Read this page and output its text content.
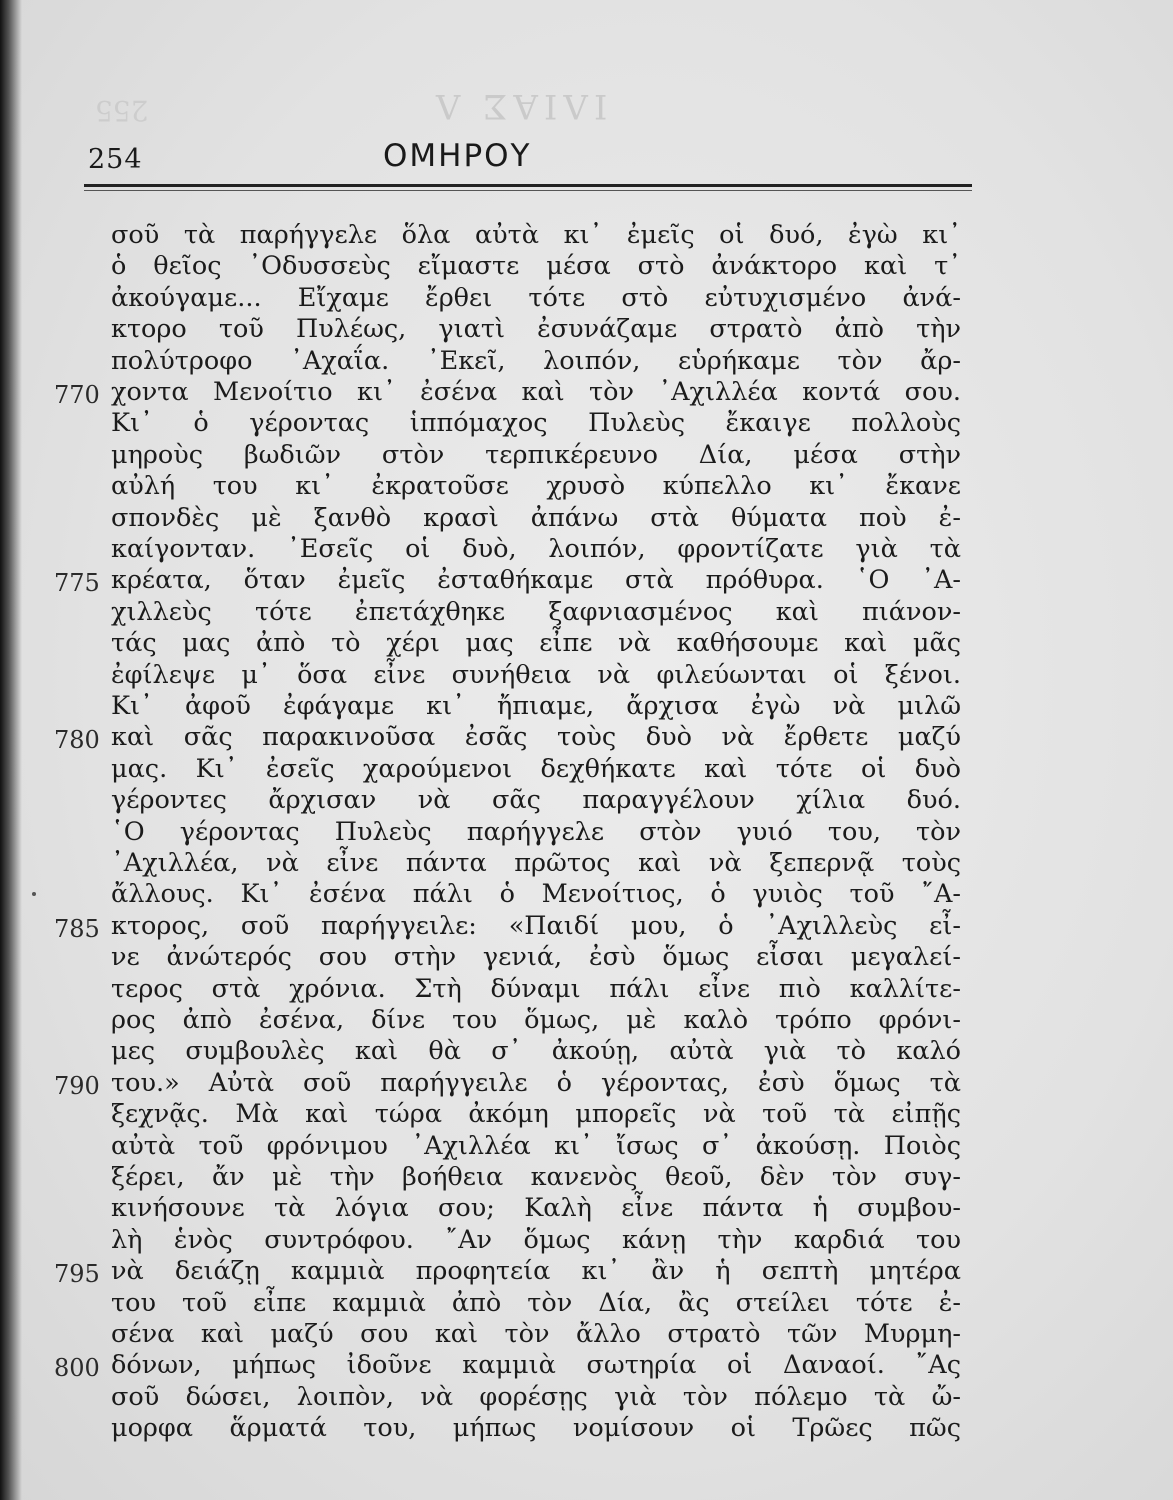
ΙΛΙΑΣ Λ
255
254	ΟΜΗΡΟΥ
σοῦ τὰ παρήγγελε ὅλα αὐτὰ κι᾿ ἐμεῖς οἱ δυό, ἐγὼ κι᾿
ὁ θεῖος ᾿Οδυσσεὺς εἴμαστε μέσα στὸ ἀνάκτορο καὶ τ᾿
ἀκούγαμε... Εἴχαμε ἔρθει τότε στὸ εὐτυχισμένο ἀνά-
κτορο τοῦ Πυλέως, γιατὶ ἐσυνάζαμε στρατὸ ἀπὸ τὴν
πολύτροφο ᾿Αχαΐα. ᾿Εκεῖ, λοιπόν, εὑρήκαμε τὸν ἄρ-
770 χοντα Μενοίτιο κι᾿ ἐσένα καὶ τὸν ᾿Αχιλλέα κοντά σου.
Κι᾿ ὁ γέροντας ἱππόμαχος Πυλεὺς ἔκαιγε πολλοὺς
μηροὺς βωδιῶν στὸν τερπικέρευνο Δία, μέσα στὴν
αὐλή του κι᾿ ἐκρατοῦσε χρυσὸ κύπελλο κι᾿ ἔκανε
σπονδὲς μὲ ξανθὸ κρασὶ ἀπάνω στὰ θύματα ποὺ ἐ-
καίγονταν. ᾿Εσεῖς οἱ δυὸ, λοιπόν, φροντίζατε γιὰ τὰ
775 κρέατα, ὅταν ἐμεῖς ἐσταθήκαμε στὰ πρόθυρα. ῾Ο ᾿Α-
χιλλεὺς τότε ἐπετάχθηκε ξαφνιασμένος καὶ πιάνον-
τάς μας ἀπὸ τὸ χέρι μας εἶπε νὰ καθήσουμε καὶ μᾶς
ἐφίλεψε μ᾿ ὅσα εἶνε συνήθεια νὰ φιλεύωνται οἱ ξένοι.
Κι᾿ ἀφοῦ ἐφάγαμε κι᾿ ἤπιαμε, ἄρχισα ἐγὼ νὰ μιλῶ
780 καὶ σᾶς παρακινοῦσα ἐσᾶς τοὺς δυὸ νὰ ἔρθετε μαζύ
μας. Κι᾿ ἐσεῖς χαρούμενοι δεχθήκατε καὶ τότε οἱ δυὸ
γέροντες ἄρχισαν νὰ σᾶς παραγγέλουν χίλια δυό.
῾Ο γέροντας Πυλεὺς παρήγγελε στὸν γυιό του, τὸν
᾿Αχιλλέα, νὰ εἶνε πάντα πρῶτος καὶ νὰ ξεπερνᾷ τοὺς
ἄλλους. Κι᾿ ἐσένα πάλι ὁ Μενοίτιος, ὁ γυιὸς τοῦ ῎Α-
785 κτορος, σοῦ παρήγγειλε: «Παιδί μου, ὁ ᾿Αχιλλεὺς εἶ-
νε ἀνώτερός σου στὴν γενιά, ἐσὺ ὅμως εἶσαι μεγαλεί-
τερος στὰ χρόνια. Στὴ δύναμι πάλι εἶνε πιὸ καλλίτε-
ρος ἀπὸ ἐσένα, δίνε του ὅμως, μὲ καλὸ τρόπο φρόνι-
μες συμβουλὲς καὶ θὰ σ᾿ ἀκούῃ, αὐτὰ γιὰ τὸ καλό
790 του.» Αὐτὰ σοῦ παρήγγειλε ὁ γέροντας, ἐσὺ ὅμως τὰ
ξεχνᾷς. Μὰ καὶ τώρα ἀκόμη μπορεῖς νὰ τοῦ τὰ εἰπῇς
αὐτὰ τοῦ φρόνιμου ᾿Αχιλλέα κι᾿ ἴσως σ᾿ ἀκούσῃ. Ποιὸς
ξέρει, ἄν μὲ τὴν βοήθεια κανενὸς θεοῦ, δὲν τὸν συγ-
κινήσουνε τὰ λόγια σου; Καλὴ εἶνε πάντα ἡ συμβου-
λὴ ἑνὸς συντρόφου. ῎Αν ὅμως κάνῃ τὴν καρδιά του
795 νὰ δειάζῃ καμμιὰ προφητεία κι᾿ ἂν ἡ σεπτὴ μητέρα
του τοῦ εἶπε καμμιὰ ἀπὸ τὸν Δία, ἂς στείλει τότε ἐ-
σένα καὶ μαζύ σου καὶ τὸν ἄλλο στρατὸ τῶν Μυρμη-
800 δόνων, μήπως ἰδοῦνε καμμιὰ σωτηρία οἱ Δαναοί. ῎Ας
σοῦ δώσει, λοιπὸν, νὰ φορέσῃς γιὰ τὸν πόλεμο τὰ ὤ-
μορφα ἅρματά του, μήπως νομίσουν οἱ Τρῶες πῶς
